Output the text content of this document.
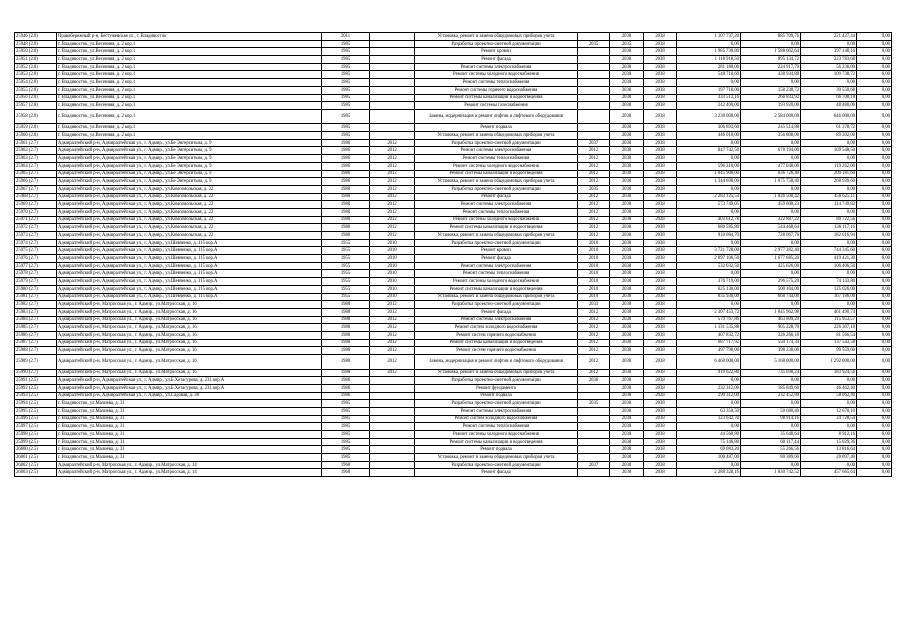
25946 (2.8)	Правобережный р-н, Бестужевская ул., г. Владивосток	2011		Установка, ремонт и замена общедомовых приборов учета		2038	2038	1 107 737,20	885 709,76	221 427,44	0,00
25948 (2.8)	г. Владивосток, ул.Весенняя, д. 2 кор.1	1985		Разработка проектно-сметной документации	2035	2035	2038	0,00	0,00	0,00	0,00
25950 (2.8)	г. Владивосток, ул.Весенняя, д. 2 кор.1	1985		Ремонт кровли		2038	2038	1 985 730,80	1 588 602,64	397 148,16	0,00
25951 (2.8)	г. Владивосток, ул.Весенняя, д. 2 кор.1	1985		Ремонт фасада		2038	2038	1 118 918,50	895 134,72	223 783,68	0,00
25952 (2.8)	г. Владивосток, ул.Весенняя, д. 2 кор.1	1985		Ремонт системы электроснабжения		2038	2038	281 180,00	224 917,70	56 236,00	0,00
25953 (2.8)	г. Владивосток, ул.Весенняя, д. 2 кор.1	1985		Ремонт системы холодного водоснабжения		2038	2038	548 710,60	438 934,88	109 738,72	0,00
25954 (2.8)	г. Владивосток, ул.Весенняя, д. 2 кор.1	1985		Ремонт системы теплоснабжения		2038	2038	0,00	0,00	0,00	0,00
25955 (2.8)	г. Владивосток, ул.Весенняя, д. 2 кор.1	1985		Ремонт системы горячего водоснабжения		2038	2038	197 718,00	158 238,72	39 550,68	0,00
25956 (2.8)	г. Владивосток, ул.Весенняя, д. 2 кор.1	1985		Ремонт системы канализации и водоотведения		2038	2038	333 512,16	266 833,92	66 708,18	0,00
25957 (2.8)	г. Владивосток, ул.Весенняя, д. 2 кор.1	1985		Ремонт системы газоснабжения		2038	2038	242 400,00	193 920,00	48 480,00	0,00
25958 (2.8)	г. Владивосток, ул.Весенняя, д. 2 кор.1	1985		Замена, модернизация и ремонт лифтов и лифтового оборудования		2038	2038	3 230 000,00	2 584 000,00	646 000,00	0,00
25959 (2.8)	г. Владивосток, ул.Весенняя, д. 2 кор.1	1985		Ремонт подвала		2038	2038	306 893,60	245 514,88	61 378,72	0,00
25960 (2.8)	г. Владивосток, ул.Весенняя, д. 2 кор.1	1985		Установка, ремонт и замена общедомовых приборов учета		2038	2038	446 010,00	356 808,00	89 202,00	0,00
25961 (2.7)	Адмиралтейский р-н, Адмиралтейская ул., г. Адмир., ул.Бе Энгерситьна, д. 9	1986	2012	Разработка проектно-сметной документации	2037	2038	2038	0,00	0,00	0,00	0,00
25962 (2.7)	Адмиралтейский р-н, Адмиралтейская ул., г. Адмир., ул.Бе Энгерситьна, д. 9	1986	2012	Ремонт системы электроснабжения	2012	2038	2038	847 742,50	678 194,00	169 548,50	0,00
25963 (2.7)	Адмиралтейский р-н, Адмиралтейская ул., г. Адмир., ул.Бе Энгерситьна, д. 9	1986	2012	Ремонт системы теплоснабжения	2012	2038	2038	0,00	0,00	0,00	0,00
25964 (2.7)	Адмиралтейский р-н, Адмиралтейская ул., г. Адмир., ул.Бе Энгерситьна, д. 9	1986	2012	Ремонт системы холодного водоснабжения	2012	2038	2038	596 310,00	477 048,00	119 262,00	0,00
25965 (2.7)	Адмиралтейский р-н, Адмиралтейская ул., г. Адмир., ул.Бе Энгерситьна, д. 9	1986	2012	Ремонт системы канализации и водоотведения	2012	2038	2038	1 045 908,00	836 726,40	209 181,60	0,00
25966 (2.7)	Адмиралтейский р-н, Адмиралтейская ул., г. Адмир., ул.Бе Энгерситьна, д. 9	1986	2012	Установка, ремонт и замена общедомовых приборов учета	2012	2038	2038	1 344 698,00	1 075 758,40	268 939,60	0,00
25967 (2.7)	Адмиралтейский р-н, Адмиралтейская ул., г. Адмир., ул.Комсомольская, д. 22	1980	2012	Разработка проектно-сметной документации	2035	2038	2038	0,00	0,00	0,00	0,00
25968 (2.7)	Адмиралтейский р-н, Адмиралтейская ул., г. Адмир., ул.Комсомольская, д. 22	1980	2012	Ремонт фасада	2012	2038	2038	2 283 125,53	1 826 500,42	456 625,11	0,00
25969 (2.7)	Адмиралтейский р-н, Адмиралтейская ул., г. Адмир., ул.Комсомольская, д. 22	1980	2012	Ремонт системы электроснабжения	2012	2038	2038	573 749,05	459 000,23	114 749,82	0,00
25970 (2.7)	Адмиралтейский р-н, Адмиралтейская ул., г. Адмир., ул.Комсомольская, д. 22	1980	2012	Ремонт системы теплоснабжения	2012	2038	2038	0,00	0,00	0,00	0,00
25971 (2.7)	Адмиралтейский р-н, Адмиралтейская ул., г. Адмир., ул.Комсомольская, д. 22	1980	2012	Ремонт системы холодного водоснабжения	2012	2038	2038	403 612,78	322 887,22	80 722,56	0,00
25972 (2.7)	Адмиралтейский р-н, Адмиралтейская ул., г. Адмир., ул.Комсомольская, д. 22	1980	2012	Ремонт системы канализации и водоотведения	2012	2038	2038	680 585,80	544 468,64	136 117,16	0,00
25973 (2.7)	Адмиралтейский р-н, Адмиралтейская ул., г. Адмир., ул.Комсомольская, д. 22	1980	2012	Установка, ремонт и замена общедомовых приборов учета	2012	2038	2038	910 084,70	728 067,76	182 016,94	0,00
25974 (2.7)	Адмиралтейский р-н, Адмиралтейская ул., г. Адмир., ул.Шевченко, д. 115 кор.А	1955	2010	Разработка проектно-сметной документации	2010	2038	2038	0,00	0,00	0,00	0,00
25975 (2.7)	Адмиралтейский р-н, Адмиралтейская ул., г. Адмир., ул.Шевченко, д. 115 кор.А	1955	2010	Ремонт кровли	2010	2038	2038	3 721 728,00	2 977 382,40	744 345,60	0,00
25976 (2.7)	Адмиралтейский р-н, Адмиралтейская ул., г. Адмир., ул.Шевченко, д. 115 кор.А	1955	2010	Ремонт фасада	2010	2038	2038	2 097 106,50	1 677 685,20	419 421,30	0,00
25977 (2.7)	Адмиралтейский р-н, Адмиралтейская ул., г. Адмир., ул.Шевченко, д. 115 кор.А	1955	2010	Ремонт системы электроснабжения	2010	2038	2038	532 032,50	425 626,00	106 406,50	0,00
25978 (2.7)	Адмиралтейский р-н, Адмиралтейская ул., г. Адмир., ул.Шевченко, д. 115 кор.А	1955	2010	Ремонт системы теплоснабжения	2010	2038	2038	0,00	0,00	0,00	0,00
25979 (2.7)	Адмиралтейский р-н, Адмиралтейская ул., г. Адмир., ул.Шевченко, д. 115 кор.А	1955	2010	Ремонт системы холодного водоснабжения	2010	2038	2038	370 719,00	296 575,20	74 143,80	0,00
25980 (2.7)	Адмиралтейский р-н, Адмиралтейская ул., г. Адмир., ул.Шевченко, д. 115 кор.А	1955	2010	Ремонт системы канализации и водоотведения	2010	2038	2038	625 130,00	500 104,00	125 026,00	0,00
25981 (2.7)	Адмиралтейский р-н, Адмиралтейская ул., г. Адмир., ул.Шевченко, д. 115 кор.А	1955	2010	Установка, ремонт и замена общедомовых приборов учета	2010	2038	2038	835 930,00	668 744,00	167 186,00	0,00
25982 (2.7)	Адмиралтейский р-н, Матросская ул., г. Адмир., ул.Матросская, д. 16	1988	2012	Разработка проектно-сметной документации	2033	2038	2038	0,00	0,00	0,00	0,00
25983 (2.7)	Адмиралтейский р-н, Матросская ул., г. Адмир., ул.Матросская, д. 16	1988	2012	Ремонт фасада	2012	2038	2038	2 307 453,72	1 845 962,98	461 490,74	0,00
25984 (2.7)	Адмиралтейский р-н, Матросская ул., г. Адмир., ул.Матросская, д. 16	1988	2012	Ремонт системы электроснабжения	2012	2038	2038	579 767,86	463 809,29	115 953,57	0,00
25985 (2.7)	Адмиралтейский р-н, Матросская ул., г. Адмир., ул.Матросская, д. 16	1988	2012	Ремонт систем холодного водоснабжения	2012	2038	2038	1 131 535,88	905 228,70	226 307,18	0,00
25986 (2.7)	Адмиралтейский р-н, Матросская ул., г. Адмир., ул.Матросская, д. 16	1988	2012	Ремонт систем горячего водоснабжения	2012	2038	2038	407 832,72	326 266,18	81 566,54	0,00
25987 (2.7)	Адмиралтейский р-н, Матросская ул., г. Адмир., ул.Матросская, д. 16	1988	2012	Ремонт системы канализации и водоотведения	2012	2038	2038	687 717,92	550 174,34	137 543,58	0,00
25988 (2.7)	Адмиралтейский р-н, Матросская ул., г. Адмир., ул.Матросская, д. 16	1988	2012	Ремонт систем горячего водоснабжения	2012	2038	2038	497 798,00	398 238,00	99 559,60	0,00
25989 (2.7)	Адмиралтейский р-н, Матросская ул., г. Адмир., ул.Матросская, д. 16	1988	2012	Замена, модернизация и ремонт лифтов и лифтового оборудования	2012	2038	2038	6 460 000,00	5 168 000,00	1 292 000,00	0,00
25990 (2.7)	Адмиралтейский р-н, Матросская ул., г. Адмир., ул.Матросская, д. 16	1988	2012	Установка, ремонт и замена общедомовых приборов учета	2012	2038	2038	919 622,80	735 698,24	183 924,56	0,00
25991 (2.5)	Адмиралтейский р-н, Адмиралтейская ул., г. Адмир., ул.Б.Хетагурова, д. 231 кор.А	1986		Разработка проектно-сметной документации	2036	2038	2038	0,00	0,00	0,00	0,00
25992 (2.5)	Адмиралтейский р-н, Адмиралтейская ул., г. Адмир., ул.Б.Хетагурова, д. 231 кор.А	1986		Ремонт фундамента		2038	2038	232 312,00	185 849,60	46 462,40	0,00
25993 (2.5)	Адмиралтейский р-н, Адмиралтейская ул., г. Адмир., ул.Садовая, д. 38	1986		Ремонт подвала		2038	2038	290 312,00	232 452,80	58 062,40	0,00
25994 (2.5)	г. Владивосток, ул.Малиева, д. 31	1985		Разработка проектно-сметной документации	2035	2038	2038	0,00	0,00	0,00	0,00
25995 (2.5)	г. Владивосток, ул.Малиева, д. 31	1985		Ремонт системы электроснабжения		2038	2038	63 350,50	50 680,40	12 670,10	0,00
25996 (2.5)	г. Владивосток, ул.Малиева, д. 31	1985		Ремонт систем холодного водоснабжения		2038	2038	123 642,70	98 914,16	24 728,54	0,00
25997 (2.5)	г. Владивосток, ул.Малиева, д. 31	1985		Ремонт системы теплоснабжения		2038	2038	0,00	0,00	0,00	0,00
25998 (2.5)	г. Владивосток, ул.Малиева, д. 31	1985		Ремонт системы холодного водоснабжения		2038	2038	44 560,80	35 648,64	8 912,16	0,00
25999 (2.5)	г. Владивосток, ул.Малиева, д. 31	1985		Ремонт системы канализации и водоотведения		2038	2038	75 146,80	60 117,44	15 029,36	0,00
26000 (2.5)	г. Владивосток, ул.Малиева, д. 31	1985		Ремонт подвала		2038	2038	69 083,20	55 266,56	13 816,64	0,00
26001 (2.5)	г. Владивосток, ул.Малиева, д. 31	1985		Установка, ремонт и замена общедомовых приборов учета		2038	2038	100 487,00	80 389,60	20 097,40	0,00
26002 (2.5)	Адмиралтейский р-н, Матросская ул., г. Адмир., ул.Матросская, д. 14	1960		Разработка проектно-сметной документации	2037	2038	2038	0,00	0,00	0,00	0,00
26003 (2.5)	Адмиралтейский р-н, Матросская ул., г. Адмир., ул.Матросская, д. 14	1960		Ремонт фасада		2038	2038	2 288 328,16	1 830 742,52	457 665,64	0,00
